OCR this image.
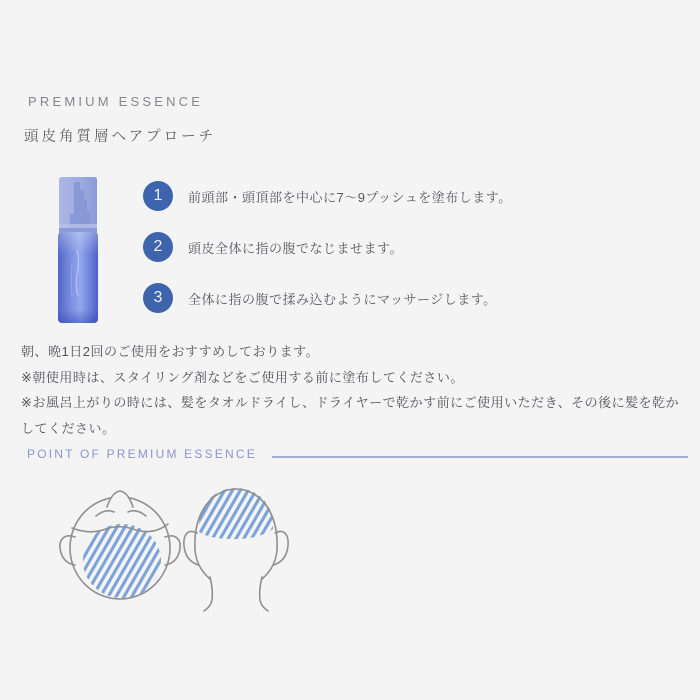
PREMIUM ESSENCE
頭皮角質層へアプローチ
1	前頭部・頭頂部を中心に7〜9プッシュを塗布します。
2	頭皮全体に指の腹でなじませます。
3	全体に指の腹で揉み込むようにマッサージします。
朝、晩1日2回のご使用をおすすめしております。
※朝使用時は、スタイリング剤などをご使用する前に塗布してください。
※お風呂上がりの時には、髪をタオルドライし、ドライヤーで乾かす前にご使用いただき、その後に髪を乾かしてください。
POINT OF PREMIUM ESSENCE
